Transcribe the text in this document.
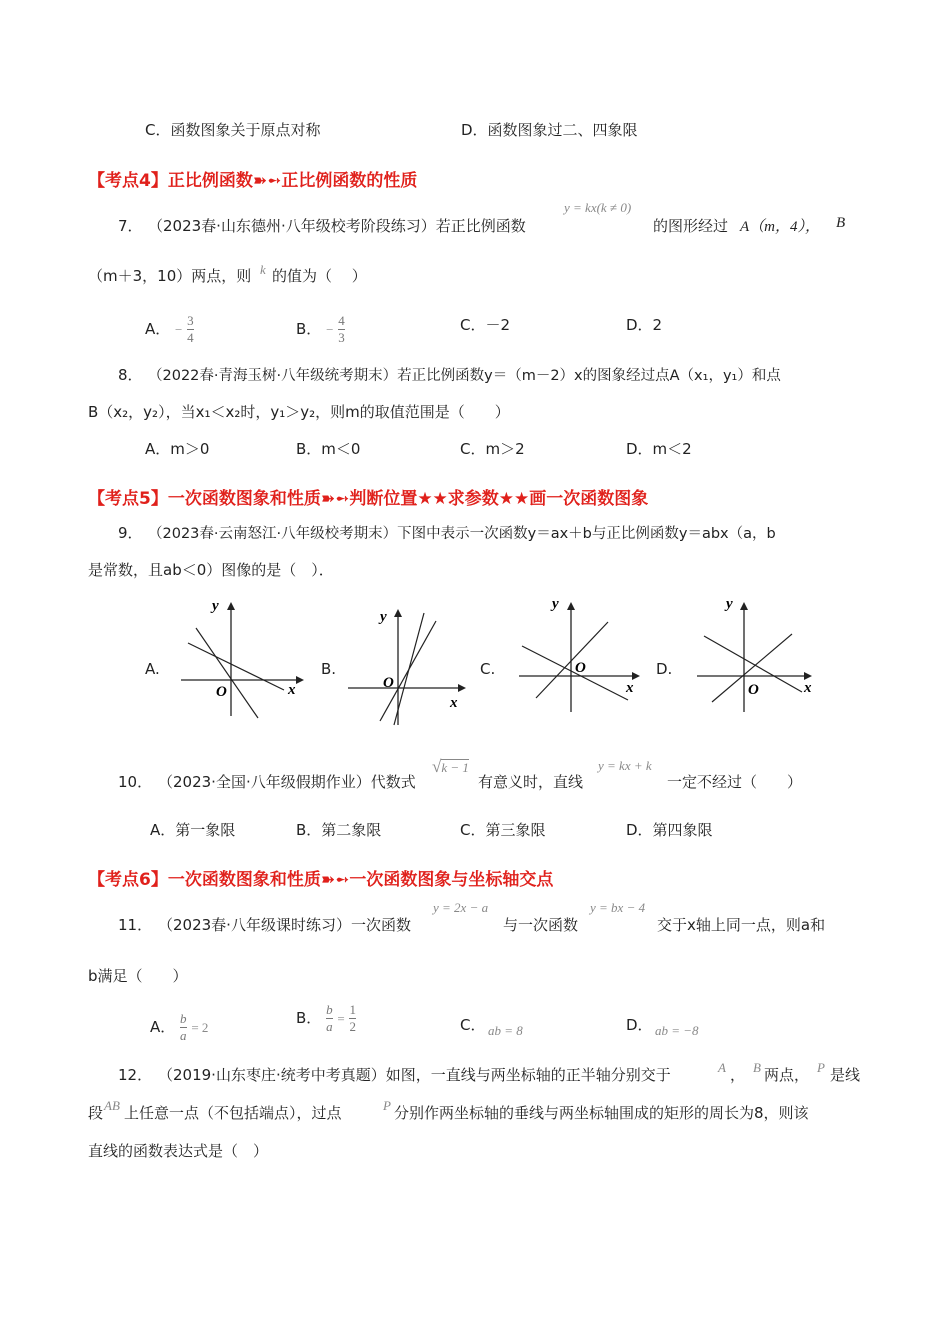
C．函数图象关于原点对称	D．函数图象过二、四象限
【考点4】正比例函数➽➻正比例函数的性质
7． （2023春·山东德州·八年级校考阶段练习）若正比例函数
y = kx(k ≠ 0)
的图形经过 A（m，4）， B
（m＋3，10）两点，则 k 的值为（　 ）
A． − $\frac{3}{4}$	B． − $\frac{4}{3}$	C．－2	D．2
8． （2022春·青海玉树·八年级统考期末）若正比例函数y＝（m－2）x的图象经过点A（x₁，y₁）和点
B（x₂，y₂），当x₁＜x₂时，y₁＞y₂，则m的取值范围是（　　）
A．m＞0	B．m＜0	C．m＞2	D．m＜2
【考点5】一次函数图象和性质➽➻判断位置★★求参数★★画一次函数图象
9． （2023春·云南怒江·八年级校考期末）下图中表示一次函数y＝ax＋b与正比例函数y＝abx（a，b
是常数，且ab＜0）图像的是（　）．
A.
y
x
O
B.
y
x
O
C.
y
x
O	D.
y
x
O
10． （2023·全国·八年级假期作业）代数式
√k − 1
有意义时，直线
y = kx + k
一定不经过（　　）
A．第一象限	B．第二象限	C．第三象限	D．第四象限
【考点6】一次函数图象和性质➽➻一次函数图象与坐标轴交点
11． （2023春·八年级课时练习）一次函数
y = 2x − a
与一次函数
y = bx − 4
交于x轴上同一点，则a和
b满足（　　）
A． $\frac{b}{a} = 2$
B． $\frac{b}{a} = \frac{1}{2}$	C． ab = 8	D． ab = −8
12． （2019·山东枣庄·统考中考真题）如图，一直线与两坐标轴的正半轴分别交于	A ， B 两点， P 是线
段 AB 上任意一点（不包括端点），过点	P 分别作两坐标轴的垂线与两坐标轴围成的矩形的周长为8，则该
直线的函数表达式是（　）
